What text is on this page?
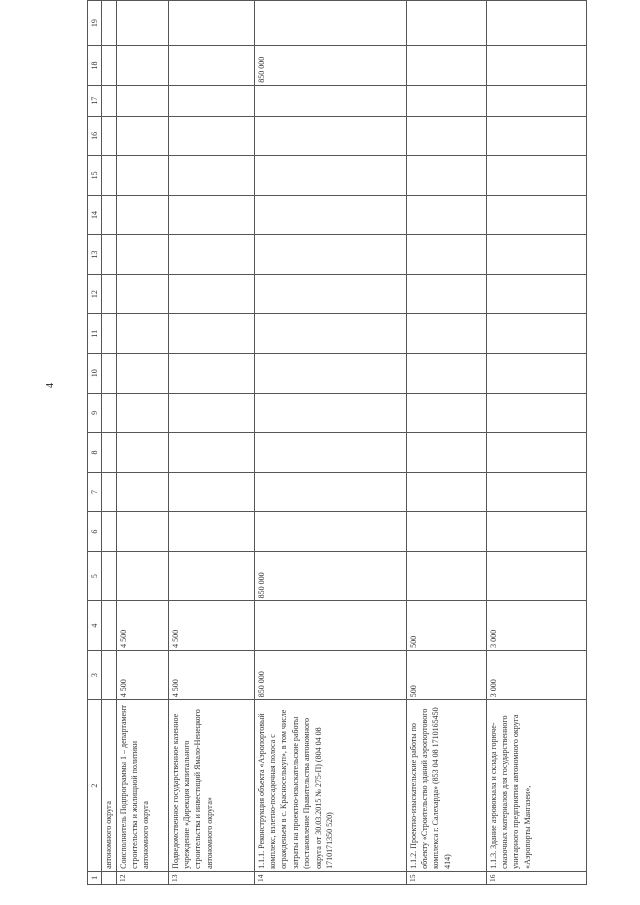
4
1	2	3	4	5	6	7	8	9	10	11	12	13	14	15	16	17	18	19
	автономного округа																	
12	Соисполнитель Подпрограммы 1 – департамент строительства и жилищной политики автономного округа	4 500	4 500															
13	Подведомственное государственное казенное учреждение «Дирекция капитального строительства и инвестиций Ямало-Ненецкого автономного округа»	4 500	4 500															
14	1.1.1. Реконструкция объекта «Аэропортовый комплекс, взлетно-посадочная полоса с огражденьем в с. Красноселькуп», в том числе затраты на проектно-изыскательские работы (постановление Правительства автономного округа от 30.03.2015 № 275-П) (804 04 08 1710171350 520)	850 000		850 000													850 000	
15	1.1.2. Проектно-изыскательские работы по объекту «Строительство зданий аэропортового комплекса г. Салехарда» (853 04 08 1710165450 414)	500	500															
16	1.1.3. Здание аэровокзала и склада горюче-смазочных материалов для государственного унитарного предприятия автономного округа «Аэропорты Мангазеи»,	3 000	3 000															
